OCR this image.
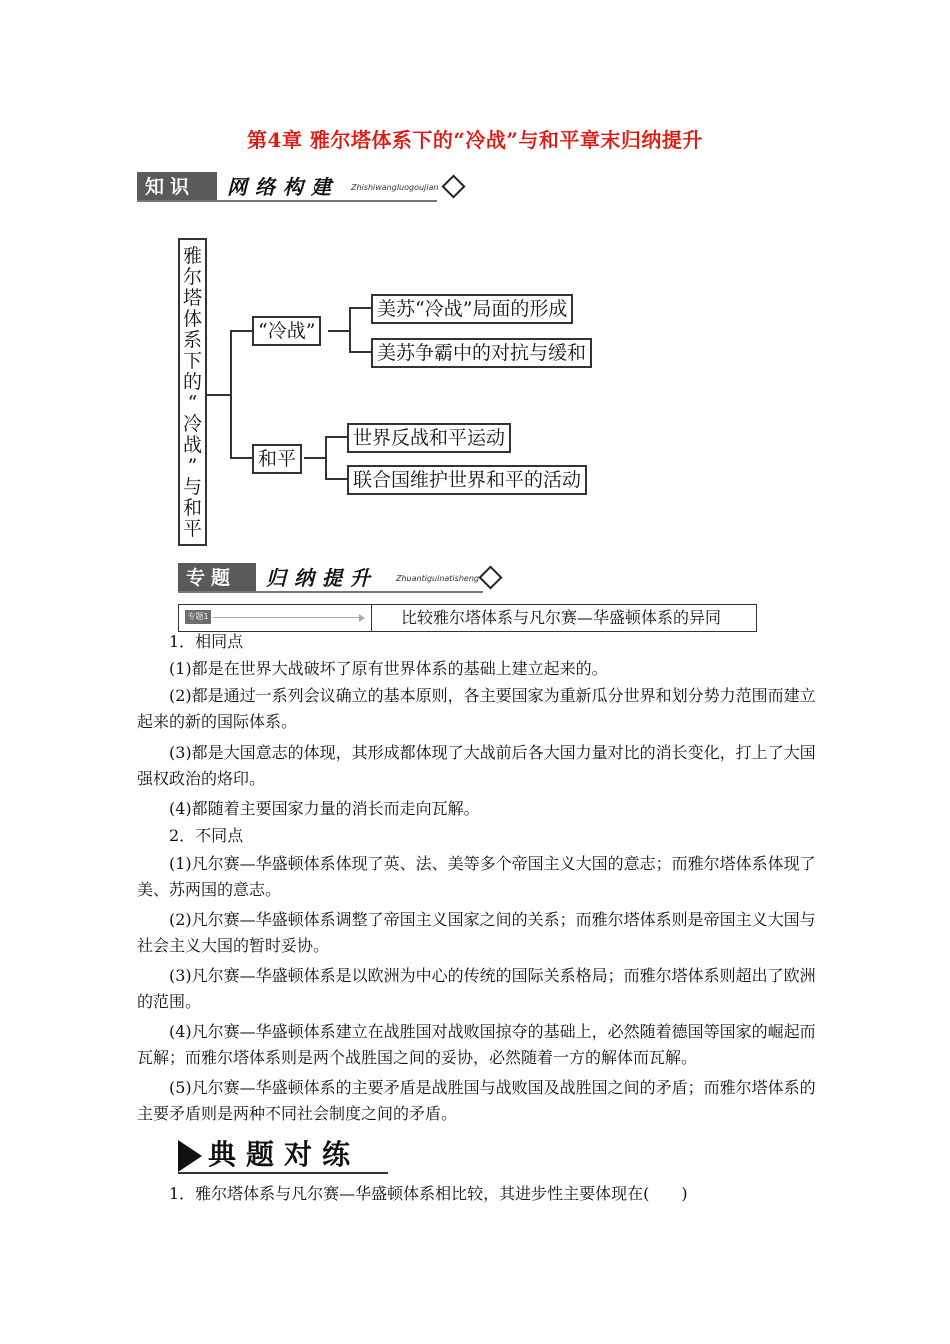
第4章 雅尔塔体系下的“冷战”与和平章末归纳提升
知识	网络构建 Zhishiwangluogoujian
雅
尔
塔
体
系
下
的
“
冷
战
”
与
和
平
“冷战”
和平
美苏“冷战”局面的形成
美苏争霸中的对抗与缓和
世界反战和平运动
联合国维护世界和平的活动
专题	归纳提升 Zhuantiguinatisheng
专题1	比较雅尔塔体系与凡尔赛—华盛顿体系的异同
1．相同点
(1)都是在世界大战破坏了原有世界体系的基础上建立起来的。
(2)都是通过一系列会议确立的基本原则，各主要国家为重新瓜分世界和划分势力范围而建立起来的新的国际体系。
(3)都是大国意志的体现，其形成都体现了大战前后各大国力量对比的消长变化，打上了大国强权政治的烙印。
(4)都随着主要国家力量的消长而走向瓦解。
2．不同点
(1)凡尔赛—华盛顿体系体现了英、法、美等多个帝国主义大国的意志；而雅尔塔体系体现了美、苏两国的意志。
(2)凡尔赛—华盛顿体系调整了帝国主义国家之间的关系；而雅尔塔体系则是帝国主义大国与社会主义大国的暂时妥协。
(3)凡尔赛—华盛顿体系是以欧洲为中心的传统的国际关系格局；而雅尔塔体系则超出了欧洲的范围。
(4)凡尔赛—华盛顿体系建立在战胜国对战败国掠夺的基础上，必然随着德国等国家的崛起而瓦解；而雅尔塔体系则是两个战胜国之间的妥协，必然随着一方的解体而瓦解。
(5)凡尔赛—华盛顿体系的主要矛盾是战胜国与战败国及战胜国之间的矛盾；而雅尔塔体系的主要矛盾则是两种不同社会制度之间的矛盾。
典题对练
1．雅尔塔体系与凡尔赛—华盛顿体系相比较，其进步性主要体现在(　　)
